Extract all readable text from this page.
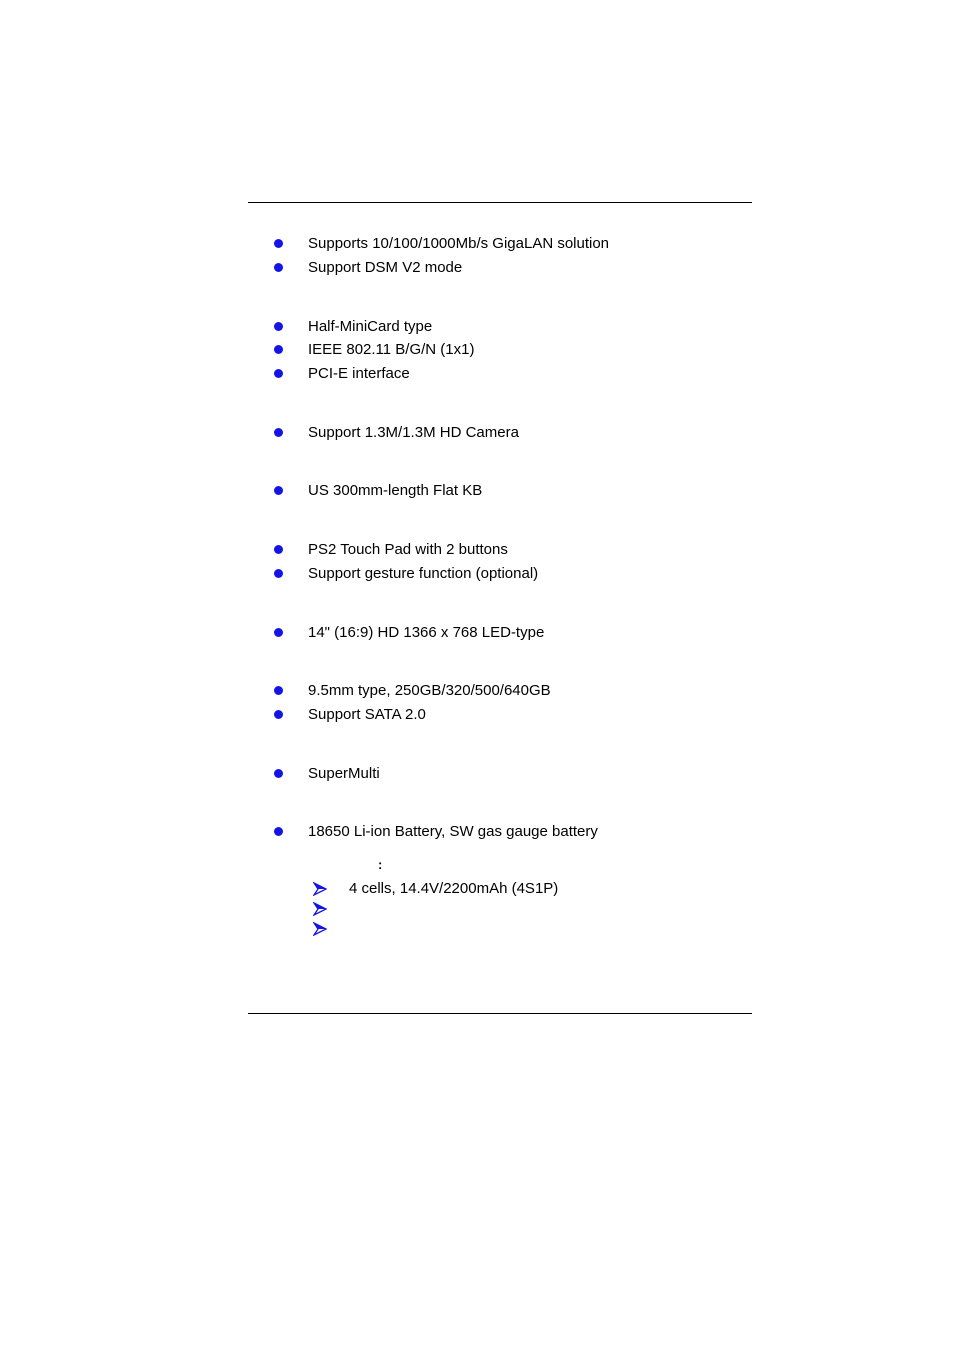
Supports 10/100/1000Mb/s GigaLAN solution
Support DSM V2 mode
Half-MiniCard type
IEEE 802.11 B/G/N (1x1)
PCI-E interface
Support 1.3M/1.3M HD Camera
US 300mm-length Flat KB
PS2 Touch Pad with 2 buttons
Support gesture function (optional)
14" (16:9) HD 1366 x 768 LED-type
9.5mm type, 250GB/320/500/640GB
Support SATA 2.0
SuperMulti
18650 Li-ion Battery, SW gas gauge battery
:
4 cells, 14.4V/2200mAh (4S1P)
